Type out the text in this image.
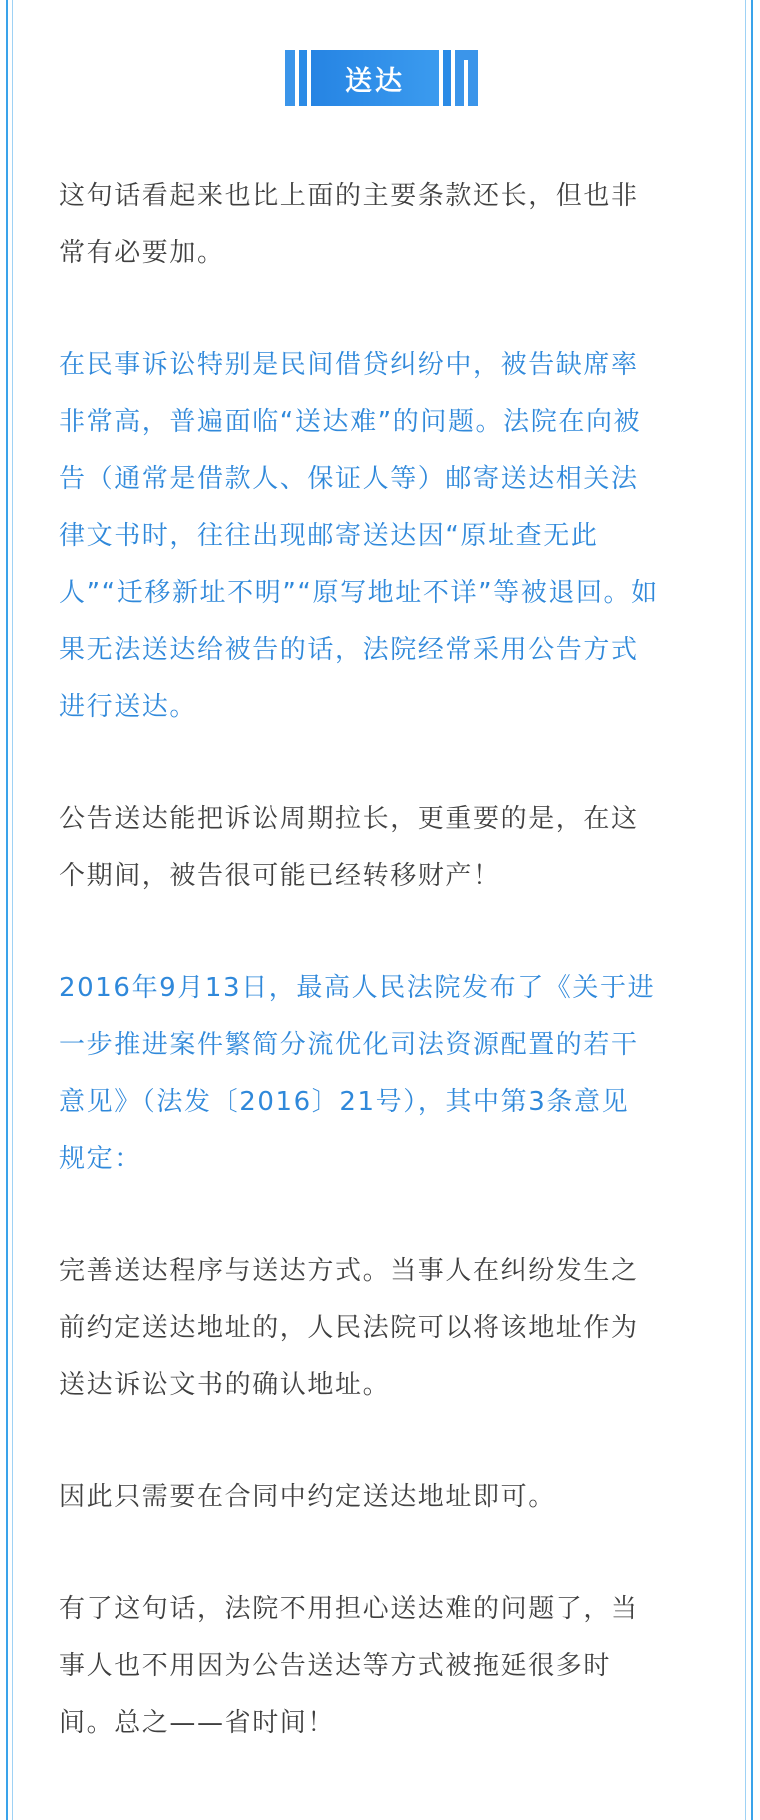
送达

这句话看起来也比上面的主要条款还长，但也非
常有必要加。

在民事诉讼特别是民间借贷纠纷中，被告缺席率
非常高，普遍面临“送达难”的问题。法院在向被
告（通常是借款人、保证人等）邮寄送达相关法
律文书时，往往出现邮寄送达因“原址查无此
人”“迁移新址不明”“原写地址不详”等被退回。如
果无法送达给被告的话，法院经常采用公告方式
进行送达。

公告送达能把诉讼周期拉长，更重要的是，在这
个期间，被告很可能已经转移财产！

2016年9月13日，最高人民法院发布了《关于进
一步推进案件繁简分流优化司法资源配置的若干
意见》（法发〔2016〕21号），其中第3条意见
规定：

完善送达程序与送达方式。当事人在纠纷发生之
前约定送达地址的，人民法院可以将该地址作为
送达诉讼文书的确认地址。

因此只需要在合同中约定送达地址即可。

有了这句话，法院不用担心送达难的问题了，当
事人也不用因为公告送达等方式被拖延很多时
间。总之——省时间！
